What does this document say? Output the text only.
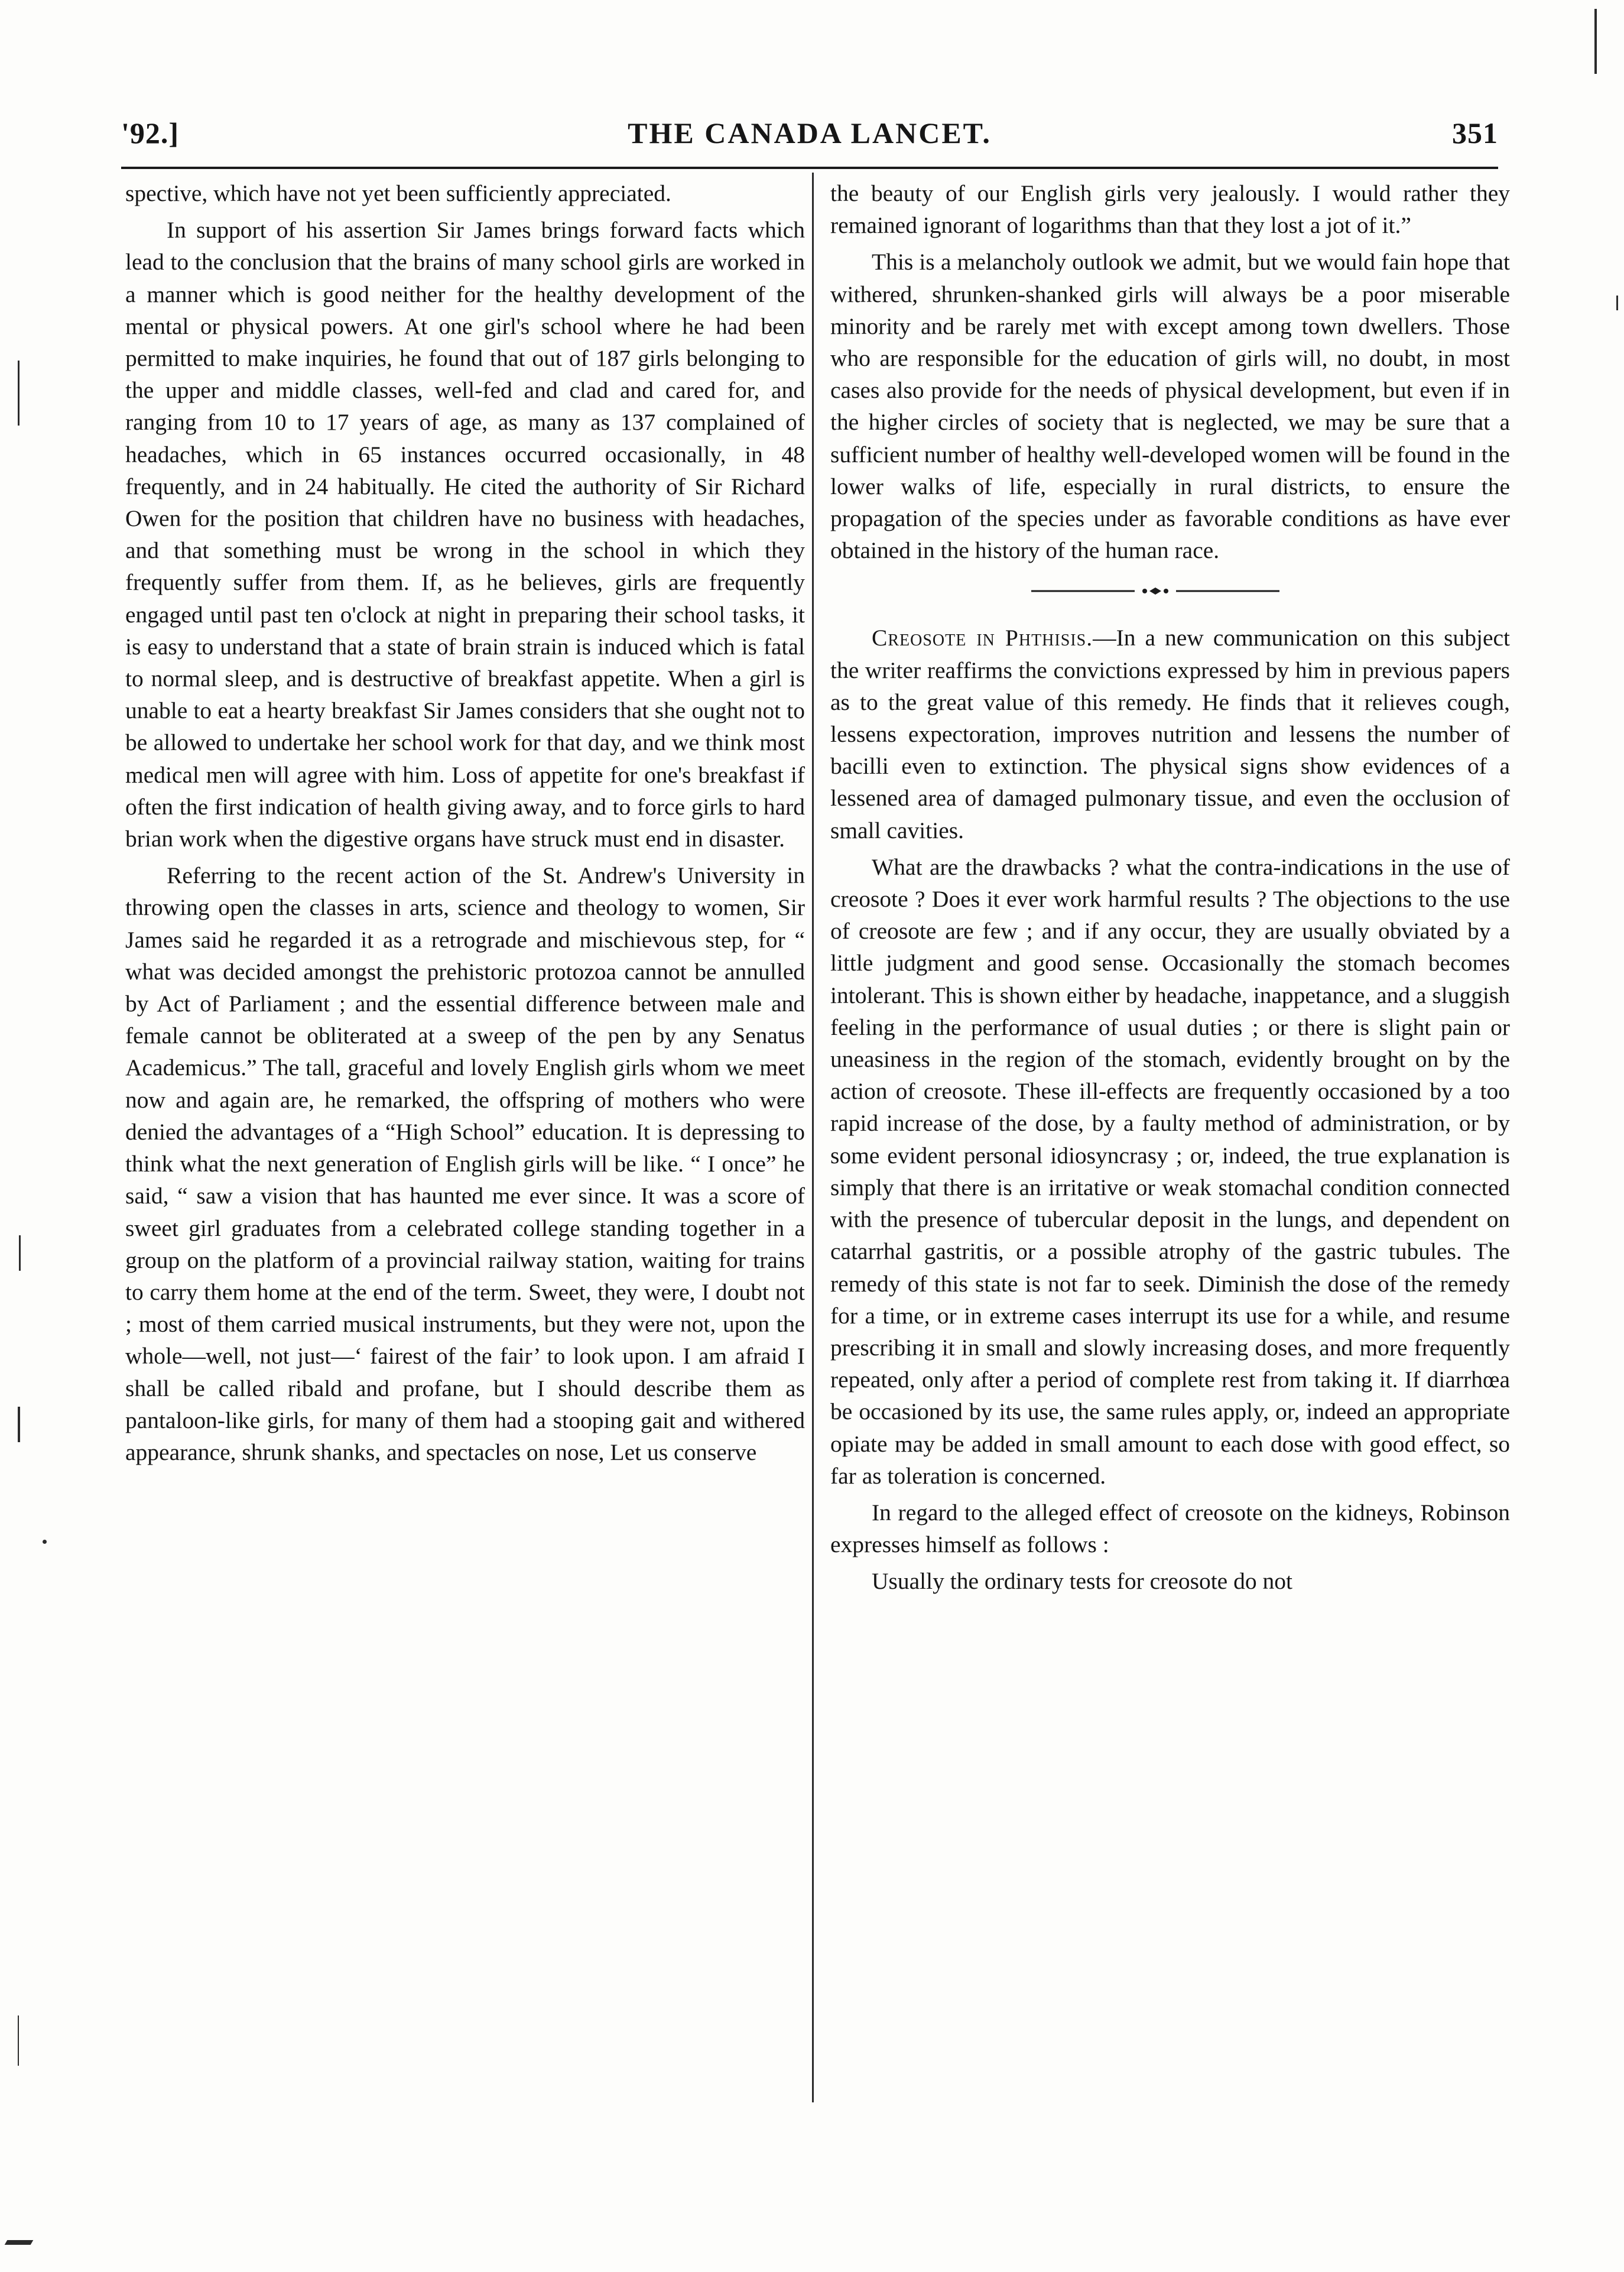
'92.]	THE CANADA LANCET.	351

spective, which have not yet been sufficiently appreciated.

In support of his assertion Sir James brings forward facts which lead to the conclusion that the brains of many school girls are worked in a manner which is good neither for the healthy development of the mental or physical powers. At one girl's school where he had been permitted to make inquiries, he found that out of 187 girls belonging to the upper and middle classes, well-fed and clad and cared for, and ranging from 10 to 17 years of age, as many as 137 complained of headaches, which in 65 instances occurred occasionally, in 48 frequently, and in 24 habitually. He cited the authority of Sir Richard Owen for the position that children have no business with headaches, and that something must be wrong in the school in which they frequently suffer from them. If, as he believes, girls are frequently engaged until past ten o'clock at night in preparing their school tasks, it is easy to understand that a state of brain strain is induced which is fatal to normal sleep, and is destructive of breakfast appetite. When a girl is unable to eat a hearty breakfast Sir James considers that she ought not to be allowed to undertake her school work for that day, and we think most medical men will agree with him. Loss of appetite for one's breakfast if often the first indication of health giving away, and to force girls to hard brian work when the digestive organs have struck must end in disaster.

Referring to the recent action of the St. Andrew's University in throwing open the classes in arts, science and theology to women, Sir James said he regarded it as a retrograde and mischievous step, for “ what was decided amongst the prehistoric protozoa cannot be annulled by Act of Parliament ; and the essential difference between male and female cannot be obliterated at a sweep of the pen by any Senatus Academicus.” The tall, graceful and lovely English girls whom we meet now and again are, he remarked, the offspring of mothers who were denied the advantages of a “High School” education. It is depressing to think what the next generation of English girls will be like. “ I once” he said, “ saw a vision that has haunted me ever since. It was a score of sweet girl graduates from a celebrated college standing together in a group on the platform of a provincial railway station, waiting for trains to carry them home at the end of the term. Sweet, they were, I doubt not ; most of them carried musical instruments, but they were not, upon the whole—well, not just—‘ fairest of the fair’ to look upon. I am afraid I shall be called ribald and profane, but I should describe them as pantaloon-like girls, for many of them had a stooping gait and withered appearance, shrunk shanks, and spectacles on nose, Let us conserve

the beauty of our English girls very jealously. I would rather they remained ignorant of logarithms than that they lost a jot of it.”

This is a melancholy outlook we admit, but we would fain hope that withered, shrunken-shanked girls will always be a poor miserable minority and be rarely met with except among town dwellers. Those who are responsible for the education of girls will, no doubt, in most cases also provide for the needs of physical development, but even if in the higher circles of society that is neglected, we may be sure that a sufficient number of healthy well-developed women will be found in the lower walks of life, especially in rural districts, to ensure the propagation of the species under as favorable conditions as have ever obtained in the history of the human race.

Creosote in Phthisis.—In a new communication on this subject the writer reaffirms the convictions expressed by him in previous papers as to the great value of this remedy. He finds that it relieves cough, lessens expectoration, improves nutrition and lessens the number of bacilli even to extinction. The physical signs show evidences of a lessened area of damaged pulmonary tissue, and even the occlusion of small cavities.

What are the drawbacks ? what the contra-indications in the use of creosote ? Does it ever work harmful results ? The objections to the use of creosote are few ; and if any occur, they are usually obviated by a little judgment and good sense. Occasionally the stomach becomes intolerant. This is shown either by headache, inappetance, and a sluggish feeling in the performance of usual duties ; or there is slight pain or uneasiness in the region of the stomach, evidently brought on by the action of creosote. These ill-effects are frequently occasioned by a too rapid increase of the dose, by a faulty method of administration, or by some evident personal idiosyncrasy ; or, indeed, the true explanation is simply that there is an irritative or weak stomachal condition connected with the presence of tubercular deposit in the lungs, and dependent on catarrhal gastritis, or a possible atrophy of the gastric tubules. The remedy of this state is not far to seek. Diminish the dose of the remedy for a time, or in extreme cases interrupt its use for a while, and resume prescribing it in small and slowly increasing doses, and more frequently repeated, only after a period of complete rest from taking it. If diarrhœa be occasioned by its use, the same rules apply, or, indeed an appropriate opiate may be added in small amount to each dose with good effect, so far as toleration is concerned.

In regard to the alleged effect of creosote on the kidneys, Robinson expresses himself as follows :

Usually the ordinary tests for creosote do not
